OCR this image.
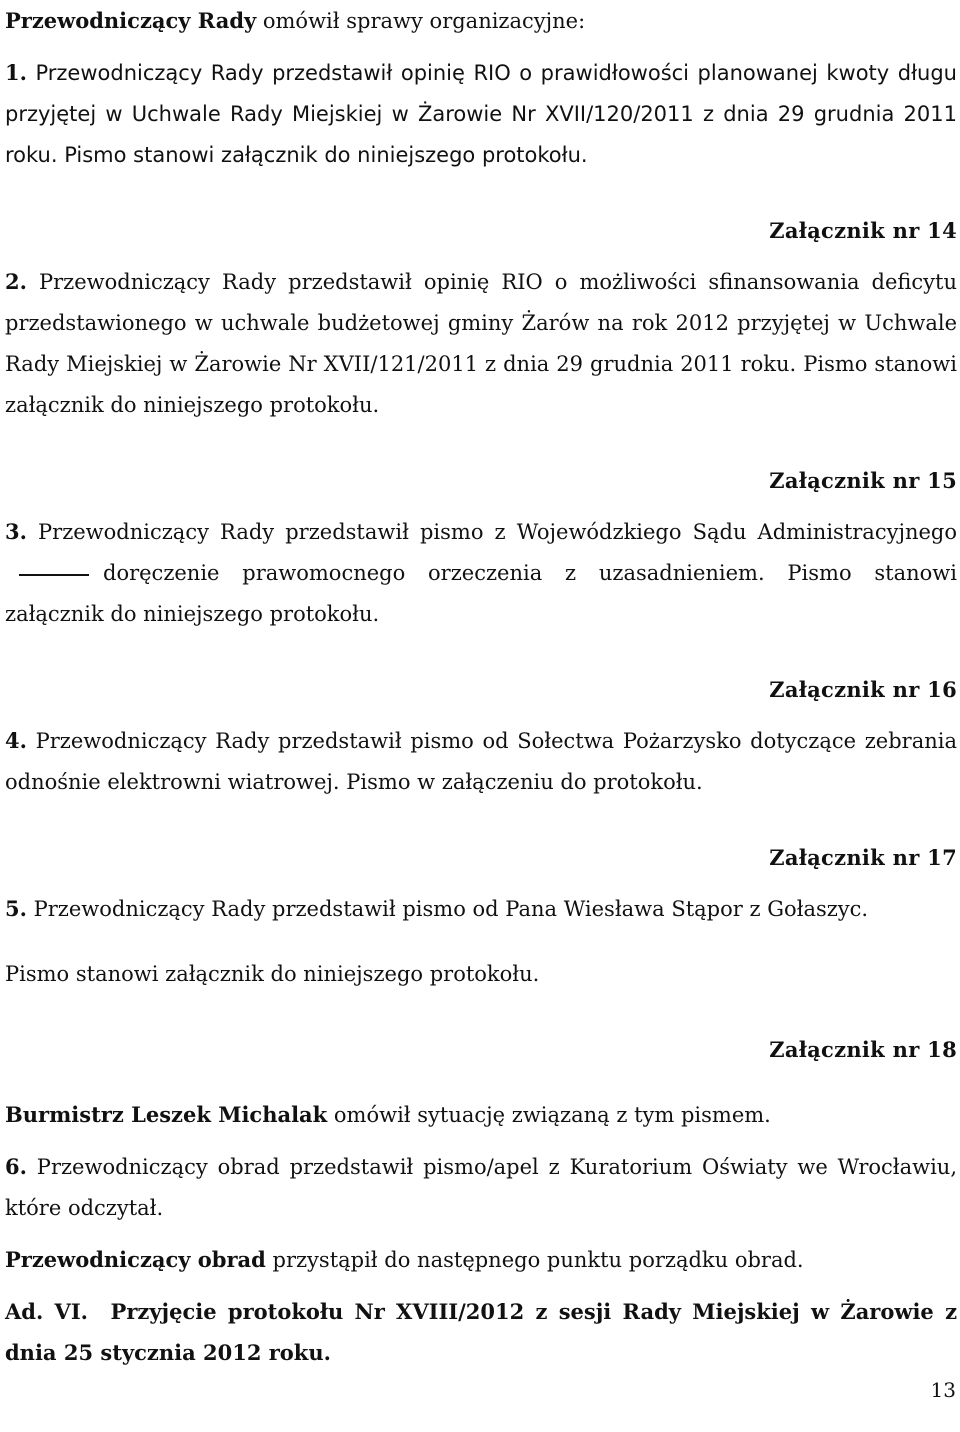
Przewodniczący Rady omówił sprawy organizacyjne:

1. Przewodniczący Rady przedstawił opinię RIO o prawidłowości planowanej kwoty długu przyjętej w Uchwale Rady Miejskiej w Żarowie Nr XVII/120/2011 z dnia 29 grudnia 2011 roku. Pismo stanowi załącznik do niniejszego protokołu.

Załącznik nr 14

2. Przewodniczący Rady przedstawił opinię RIO o możliwości sfinansowania deficytu przedstawionego w uchwale budżetowej gminy Żarów na rok 2012 przyjętej w Uchwale Rady Miejskiej w Żarowie Nr XVII/121/2011 z dnia 29 grudnia 2011 roku. Pismo stanowi załącznik do niniejszego protokołu.

Załącznik nr 15

3. Przewodniczący Rady przedstawił pismo z Wojewódzkiego Sądu Administracyjnego doręczenie prawomocnego orzeczenia z uzasadnieniem. Pismo stanowi załącznik do niniejszego protokołu.

Załącznik nr 16

4. Przewodniczący Rady przedstawił pismo od Sołectwa Pożarzysko dotyczące zebrania odnośnie elektrowni wiatrowej. Pismo w załączeniu do protokołu.

Załącznik nr 17

5. Przewodniczący Rady przedstawił pismo od Pana Wiesława Stąpor z Gołaszyc.

Pismo stanowi załącznik do niniejszego protokołu.

Załącznik nr 18

Burmistrz Leszek Michalak omówił sytuację związaną z tym pismem.

6. Przewodniczący obrad przedstawił pismo/apel z Kuratorium Oświaty we Wrocławiu, które odczytał.

Przewodniczący obrad przystąpił do następnego punktu porządku obrad.

Ad. VI. Przyjęcie protokołu Nr XVIII/2012 z sesji Rady Miejskiej w Żarowie z dnia 25 stycznia 2012 roku.

13
